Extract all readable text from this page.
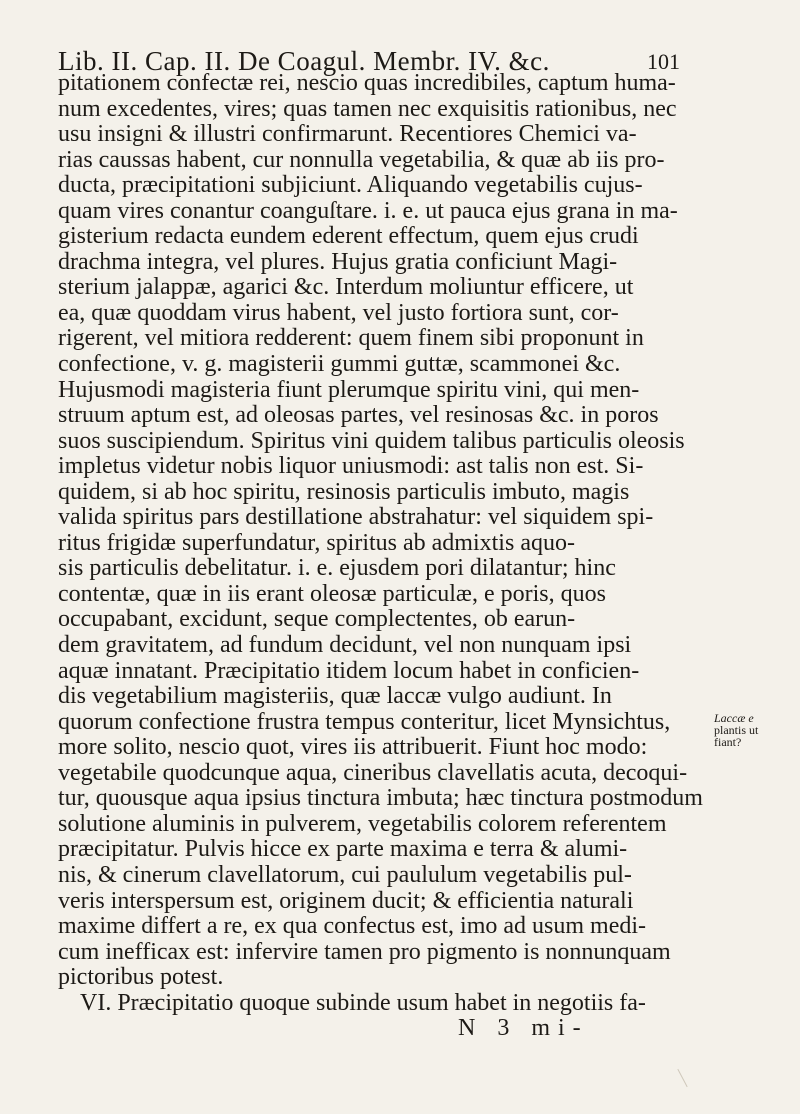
Lib. II. Cap. II. De Coagul. Membr. IV. &c.	101
pitationem confectæ rei, nescio quas incredibiles, captum huma-
num excedentes, vires; quas tamen nec exquisitis rationibus, nec
usu insigni & illustri confirmarunt. Recentiores Chemici va-
rias caussas habent, cur nonnulla vegetabilia, & quæ ab iis pro-
ducta, præcipitationi subjiciunt. Aliquando vegetabilis cujus-
quam vires conantur coanguſtare. i. e. ut pauca ejus grana in ma-
gisterium redacta eundem ederent effectum, quem ejus crudi
drachma integra, vel plures. Hujus gratia conficiunt Magi-
sterium jalappæ, agarici &c. Interdum moliuntur efficere, ut
ea, quæ quoddam virus habent, vel justo fortiora sunt, cor-
rigerent, vel mitiora redderent: quem finem sibi proponunt in
confectione, v. g. magisterii gummi guttæ, scammonei &c.
Hujusmodi magisteria fiunt plerumque spiritu vini, qui men-
struum aptum est, ad oleosas partes, vel resinosas &c. in poros
suos suscipiendum. Spiritus vini quidem talibus particulis oleosis
impletus videtur nobis liquor uniusmodi: ast talis non est. Si-
quidem, si ab hoc spiritu, resinosis particulis imbuto, magis
valida spiritus pars destillatione abstrahatur: vel siquidem spi-
ritus frigidæ superfundatur, spiritus ab admixtis aquo-
sis particulis debelitatur. i. e. ejusdem pori dilatantur; hinc
contentæ, quæ in iis erant oleosæ particulæ, e poris, quos
occupabant, excidunt, seque complectentes, ob earun-
dem gravitatem, ad fundum decidunt, vel non nunquam ipsi
aquæ innatant. Præcipitatio itidem locum habet in conficien-
dis vegetabilium magisteriis, quæ laccæ vulgo audiunt. In
quorum confectione frustra tempus conteritur, licet Mynsichtus,
more solito, nescio quot, vires iis attribuerit. Fiunt hoc modo:
vegetabile quodcunque aqua, cineribus clavellatis acuta, decoqui-
tur, quousque aqua ipsius tinctura imbuta; hæc tinctura postmodum
solutione aluminis in pulverem, vegetabilis colorem referentem
præcipitatur. Pulvis hicce ex parte maxima e terra & alumi-
nis, & cinerum clavellatorum, cui paululum vegetabilis pul-
veris interspersum est, originem ducit; & efficientia naturali
maxime differt a re, ex qua confectus est, imo ad usum medi-
cum inefficax est: infervire tamen pro pigmento is nonnunquam
pictoribus potest.
VI. Præcipitatio quoque subinde usum habet in negotiis fa-
N 3 mi-
Laccæ e
plantis ut
fiant?
